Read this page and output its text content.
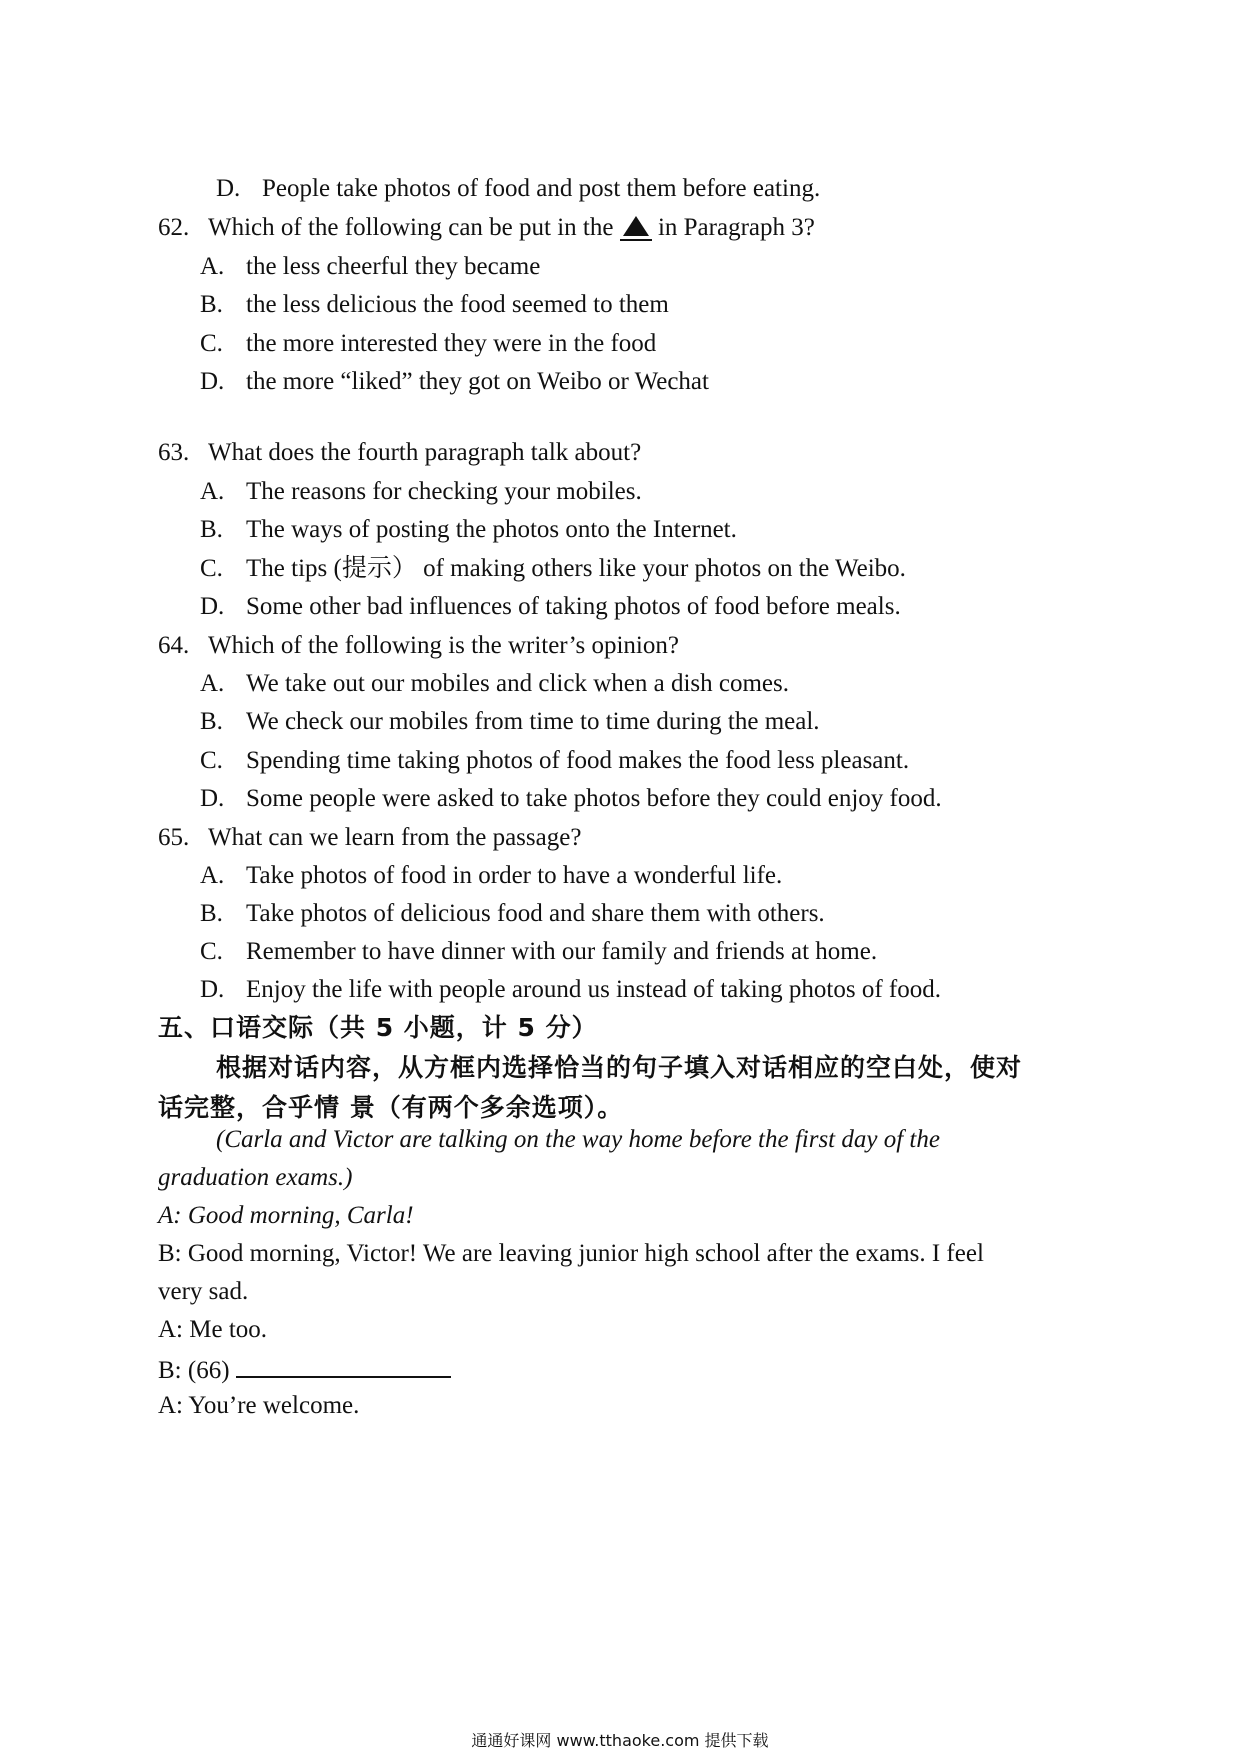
D. People take photos of food and post them before eating.
62. Which of the following can be put in the in Paragraph 3?
A. the less cheerful they became
B. the less delicious the food seemed to them
C. the more interested they were in the food
D. the more “liked” they got on Weibo or Wechat
63. What does the fourth paragraph talk about?
A. The reasons for checking your mobiles.
B. The ways of posting the photos onto the Internet.
C. The tips (提示） of making others like your photos on the Weibo.
D. Some other bad influences of taking photos of food before meals.
64. Which of the following is the writer’s opinion?
A. We take out our mobiles and click when a dish comes.
B. We check our mobiles from time to time during the meal.
C. Spending time taking photos of food makes the food less pleasant.
D. Some people were asked to take photos before they could enjoy food.
65. What can we learn from the passage?
A. Take photos of food in order to have a wonderful life.
B. Take photos of delicious food and share them with others.
C. Remember to have dinner with our family and friends at home.
D. Enjoy the life with people around us instead of taking photos of food.
五、口语交际（共 5 小题，计 5 分）
根据对话内容，从方框内选择恰当的句子填入对话相应的空白处，使对
话完整，合乎情 景（有两个多余选项）。
(Carla and Victor are talking on the way home before the first day of the
graduation exams.)
A: Good morning, Carla!
B: Good morning, Victor! We are leaving junior high school after the exams. I feel
very sad.
A: Me too.
B: (66)
A: You’re welcome.
通通好课网 www.tthaoke.com 提供下载
